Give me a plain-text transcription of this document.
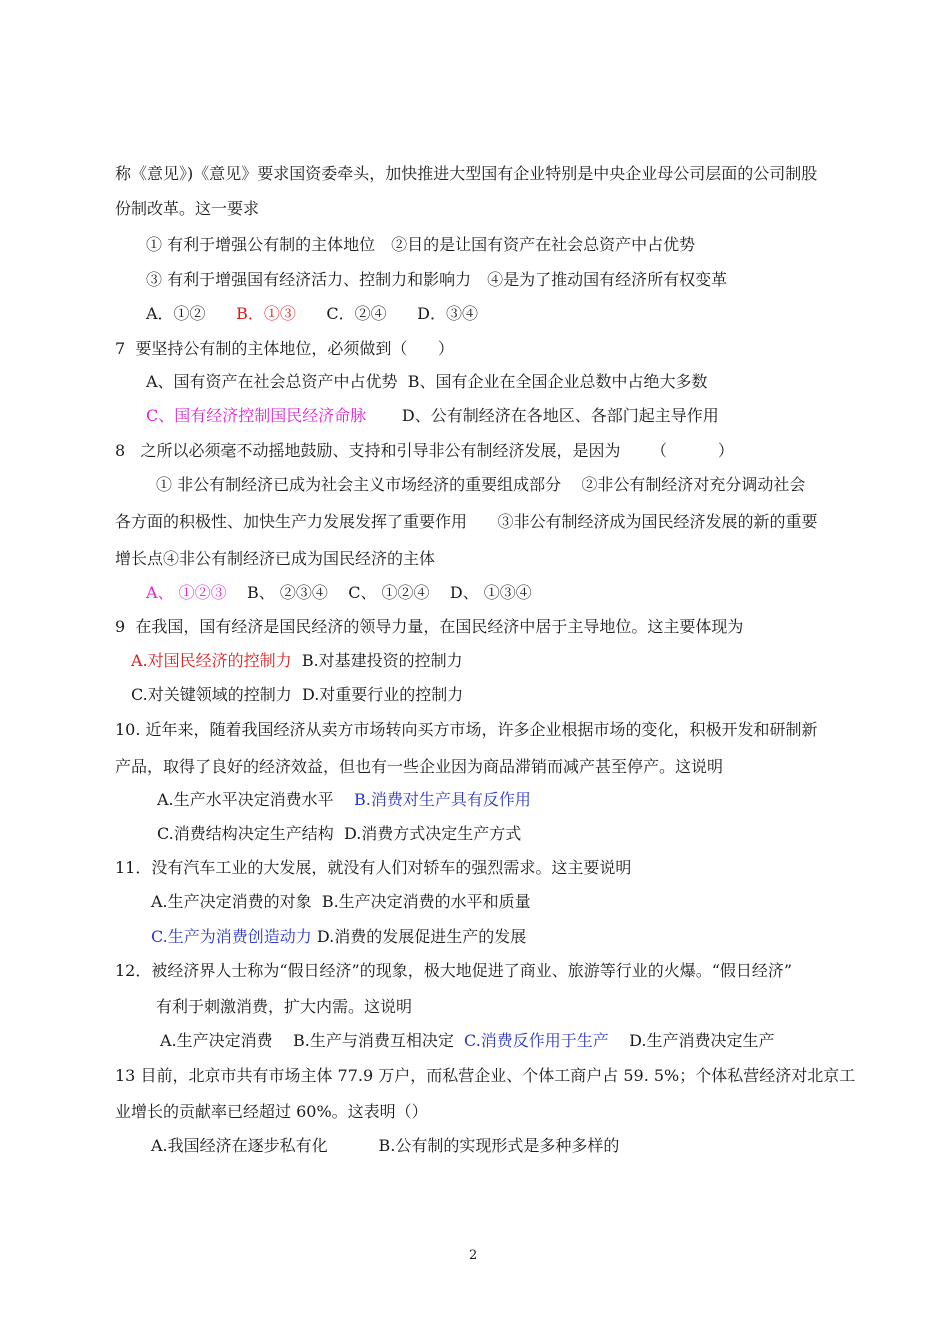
称《意见》)《意见》要求国资委牵头，加快推进大型国有企业特别是中央企业母公司层面的公司制股
份制改革。这一要求
① 有利于增强公有制的主体地位　②目的是让国有资产在社会总资产中占优势
③ 有利于增强国有经济活力、控制力和影响力　④是为了推动国有经济所有权变革
A．①② B．①③ C．②④ D．③④
7  要坚持公有制的主体地位，必须做到（      ）
A、国有资产在社会总资产中占优势  B、国有企业在全国企业总数中占绝大多数
C、国有经济控制国民经济命脉 D、公有制经济在各地区、各部门起主导作用
8   之所以必须毫不动摇地鼓励、支持和引导非公有制经济发展，是因为      （          ）
① 非公有制经济已成为社会主义市场经济的重要组成部分    ②非公有制经济对充分调动社会
各方面的积极性、加快生产力发展发挥了重要作用      ③非公有制经济成为国民经济发展的新的重要
增长点④非公有制经济已成为国民经济的主体
A、 ①②③ B、 ②③④ C、 ①②④ D、 ①③④
9  在我国，国有经济是国民经济的领导力量，在国民经济中居于主导地位。这主要体现为
A.对国民经济的控制力 B.对基建投资的控制力
C.对关键领域的控制力 D.对重要行业的控制力
10. 近年来，随着我国经济从卖方市场转向买方市场，许多企业根据市场的变化，积极开发和研制新
产品，取得了良好的经济效益，但也有一些企业因为商品滞销而减产甚至停产。这说明
A.生产水平决定消费水平 B.消费对生产具有反作用
C.消费结构决定生产结构 D.消费方式决定生产方式
11．没有汽车工业的大发展，就没有人们对轿车的强烈需求。这主要说明
A.生产决定消费的对象 B.生产决定消费的水平和质量
C.生产为消费创造动力 D.消费的发展促进生产的发展
12．被经济界人士称为“假日经济”的现象，极大地促进了商业、旅游等行业的火爆。“假日经济”
有利于刺激消费，扩大内需。这说明
A.生产决定消费 B.生产与消费互相决定 C.消费反作用于生产 D.生产消费决定生产
13 目前，北京市共有市场主体 77.9 万户，而私营企业、个体工商户占 59. 5%；个体私营经济对北京工
业增长的贡献率已经超过 60%。这表明（）
A.我国经济在逐步私有化	B.公有制的实现形式是多种多样的
2
